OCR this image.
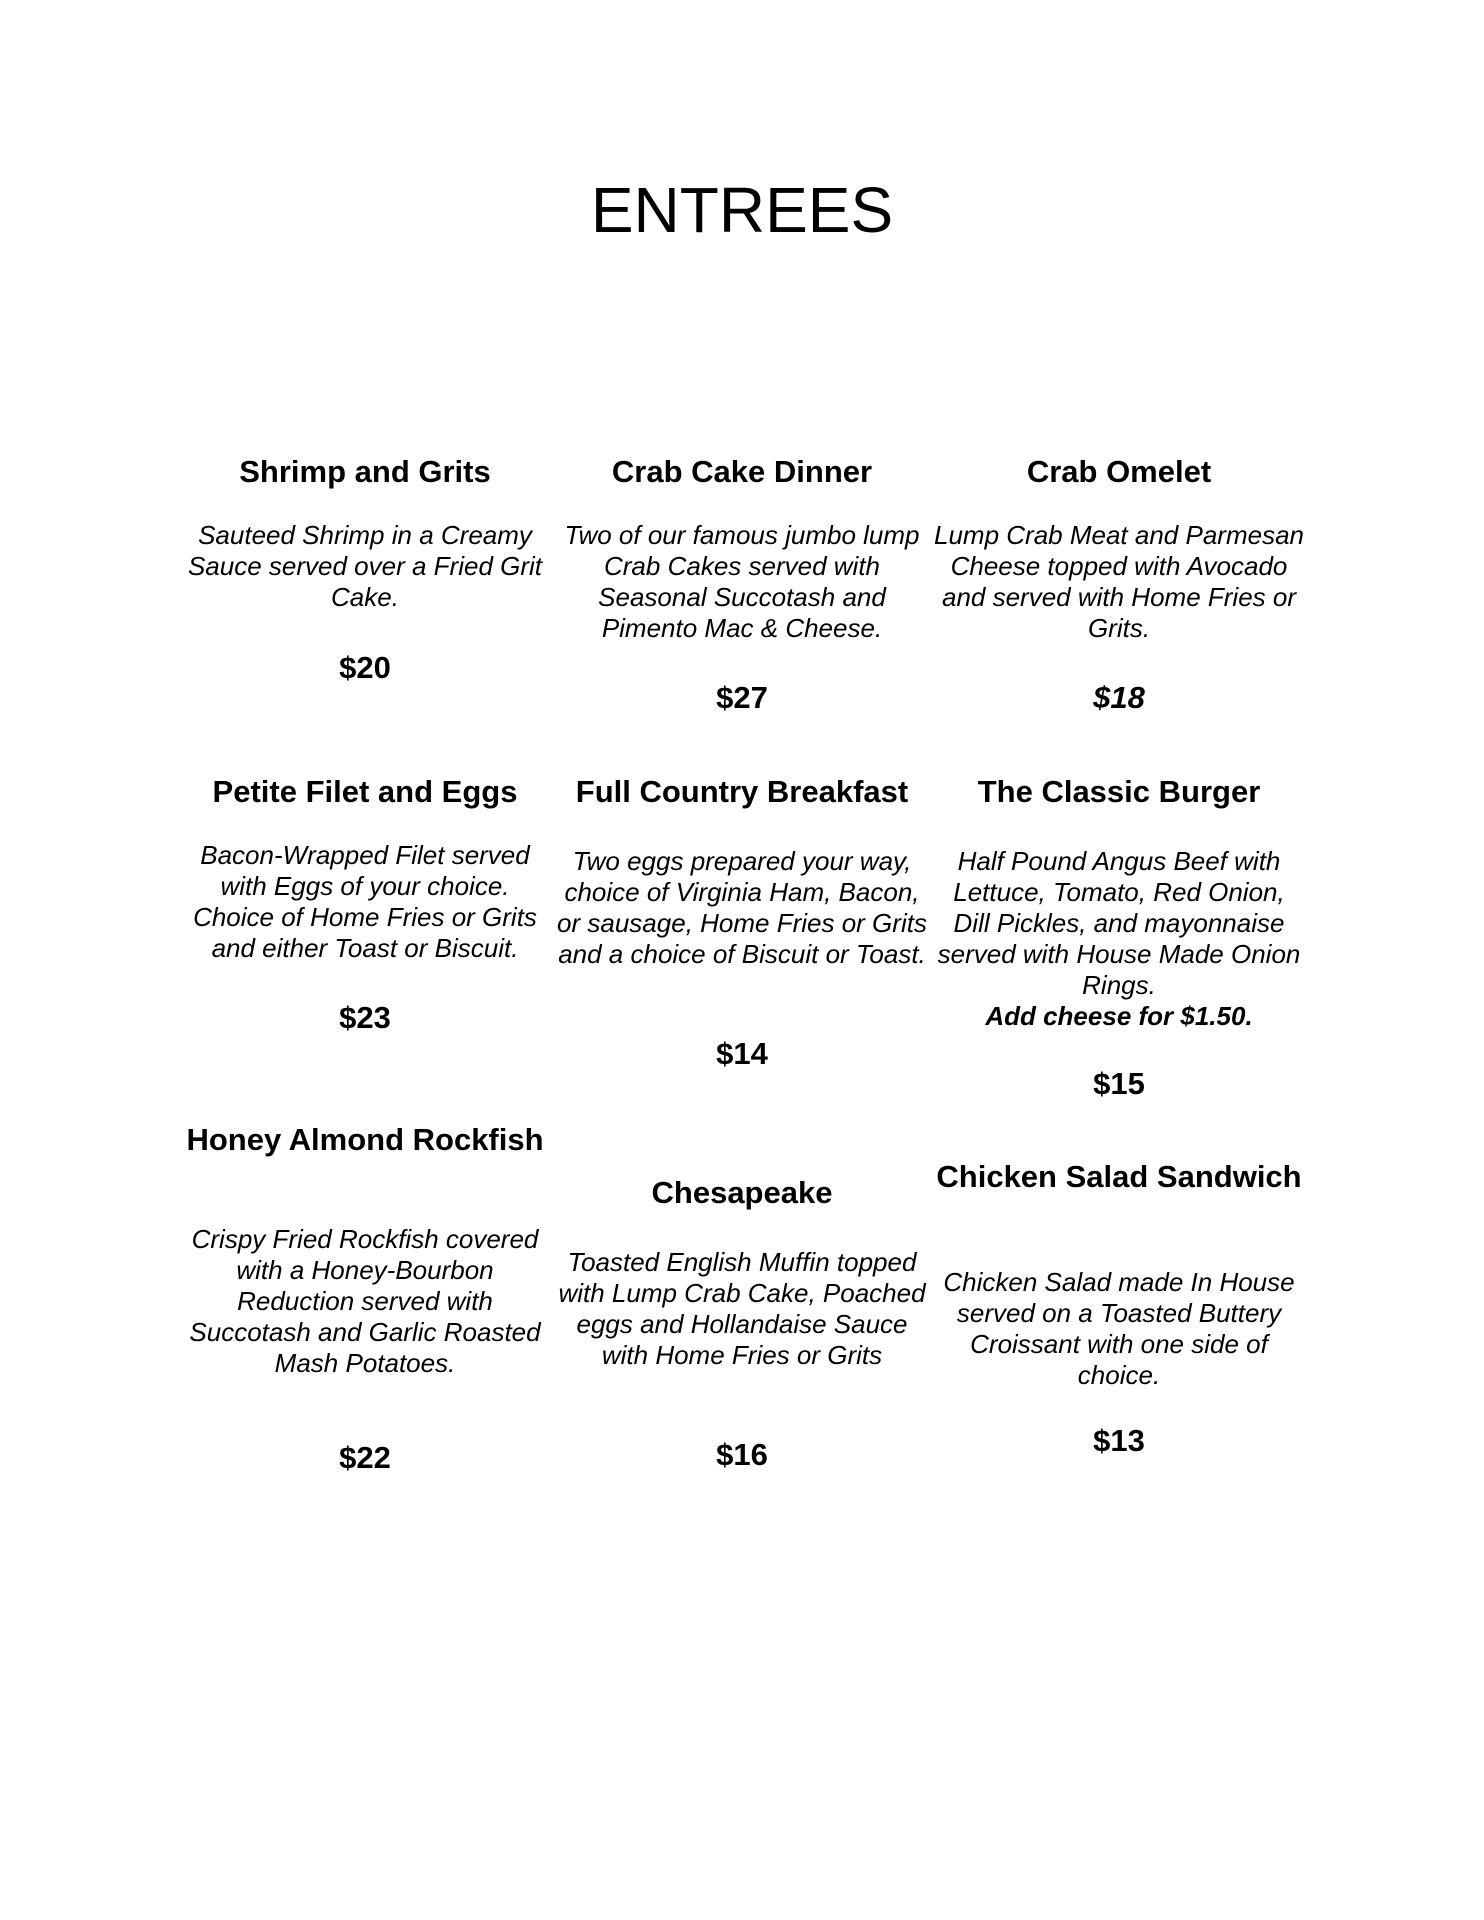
ENTREES

Shrimp and Grits

Sauteed Shrimp in a Creamy Sauce served over a Fried Grit Cake.

$20

Crab Cake Dinner

Two of our famous jumbo lump Crab Cakes served with Seasonal Succotash and Pimento Mac & Cheese.

$27

Crab Omelet

Lump Crab Meat and Parmesan Cheese topped with Avocado and served with Home Fries or Grits.

$18

Petite Filet and Eggs

Bacon-Wrapped Filet served with Eggs of your choice. Choice of Home Fries or Grits and either Toast or Biscuit.

$23

Full Country Breakfast

Two eggs prepared your way, choice of Virginia Ham, Bacon, or sausage, Home Fries or Grits and a choice of Biscuit or Toast.

$14

The Classic Burger

Half Pound Angus Beef with Lettuce, Tomato, Red Onion, Dill Pickles, and mayonnaise served with House Made Onion Rings.

Add cheese for $1.50.

$15

Honey Almond Rockfish

Crispy Fried Rockfish covered with a Honey-Bourbon Reduction served with Succotash and Garlic Roasted Mash Potatoes.

$22

Chesapeake

Toasted English Muffin topped with Lump Crab Cake, Poached eggs and Hollandaise Sauce with Home Fries or Grits

$16

Chicken Salad Sandwich

Chicken Salad made In House served on a Toasted Buttery Croissant with one side of choice.

$13
